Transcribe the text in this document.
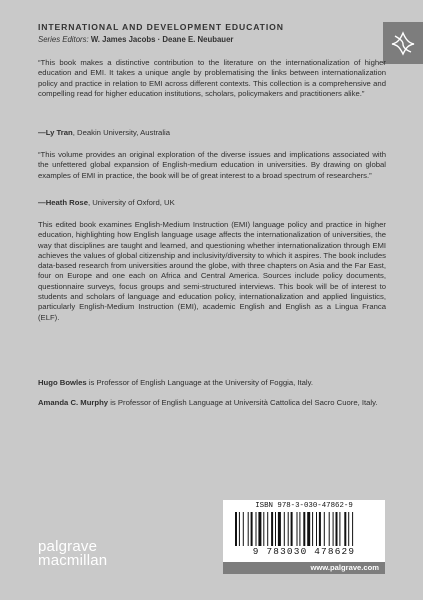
INTERNATIONAL AND DEVELOPMENT EDUCATION
Series Editors: W. James Jacobs · Deane E. Neubauer
“This book makes a distinctive contribution to the literature on the internationalization of higher education and EMI. It takes a unique angle by problematising the links between internationalization policy and practice in relation to EMI across different contexts. This collection is a comprehensive and compelling read for higher education institutions, scholars, policymakers and practitioners alike.”
—Ly Tran, Deakin University, Australia
“This volume provides an original exploration of the diverse issues and implications associated with the unfettered global expansion of English-medium education in universities. By drawing on global examples of EMI in practice, the book will be of great interest to a broad spectrum of researchers.”
—Heath Rose, University of Oxford, UK
This edited book examines English-Medium Instruction (EMI) language policy and practice in higher education, highlighting how English language usage affects the internationalization of universities, the way that disciplines are taught and learned, and questioning whether internationalization through EMI achieves the values of global citizenship and inclusivity/diversity to which it aspires. The book includes data-based research from universities around the globe, with three chapters on Asia and the Far East, four on Europe and one each on Africa and Central America. Sources include policy documents, questionnaire surveys, focus groups and semi-structured interviews. This book will be of interest to students and scholars of language and education policy, internationalization and applied linguistics, particularly English-Medium Instruction (EMI), academic English and English as a Lingua Franca (ELF).
Hugo Bowles is Professor of English Language at the University of Foggia, Italy.
Amanda C. Murphy is Professor of English Language at Università Cattolica del Sacro Cuore, Italy.
palgrave
macmillan
ISBN 978-3-030-47862-9
9 783030 478629
www.palgrave.com
